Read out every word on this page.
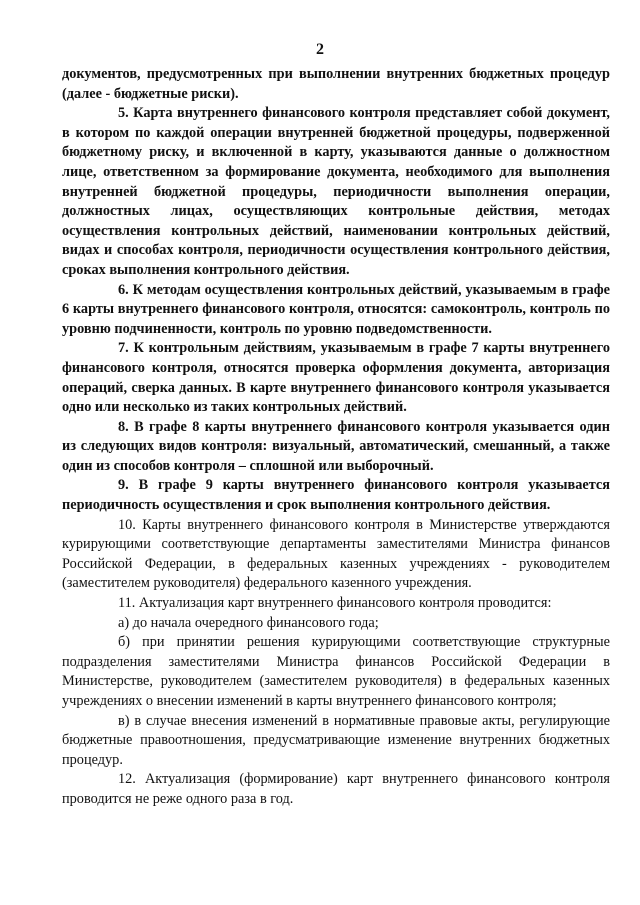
2

документов, предусмотренных при выполнении внутренних бюджетных процедур (далее - бюджетные риски).

5. Карта внутреннего финансового контроля представляет собой документ, в котором по каждой операции внутренней бюджетной процедуры, подверженной бюджетному риску, и включенной в карту, указываются данные о должностном лице, ответственном за формирование документа, необходимого для выполнения внутренней бюджетной процедуры, периодичности выполнения операции, должностных лицах, осуществляющих контрольные действия, методах осуществления контрольных действий, наименовании контрольных действий, видах и способах контроля, периодичности осуществления контрольного действия, сроках выполнения контрольного действия.

6. К методам осуществления контрольных действий, указываемым в графе 6 карты внутреннего финансового контроля, относятся: самоконтроль, контроль по уровню подчиненности, контроль по уровню подведомственности.

7. К контрольным действиям, указываемым в графе 7 карты внутреннего финансового контроля, относятся проверка оформления документа, авторизация операций, сверка данных. В карте внутреннего финансового контроля указывается одно или несколько из таких контрольных действий.

8. В графе 8 карты внутреннего финансового контроля указывается один из следующих видов контроля: визуальный, автоматический, смешанный, а также один из способов контроля – сплошной или выборочный.

9. В графе 9 карты внутреннего финансового контроля указывается периодичность осуществления и срок выполнения контрольного действия.

10. Карты внутреннего финансового контроля в Министерстве утверждаются курирующими соответствующие департаменты заместителями Министра финансов Российской Федерации, в федеральных казенных учреждениях - руководителем (заместителем руководителя) федерального казенного учреждения.

11. Актуализация карт внутреннего финансового контроля проводится:

а) до начала очередного финансового года;

б) при принятии решения курирующими соответствующие структурные подразделения заместителями Министра финансов Российской Федерации в Министерстве, руководителем (заместителем руководителя) в федеральных казенных учреждениях о внесении изменений в карты внутреннего финансового контроля;

в) в случае внесения изменений в нормативные правовые акты, регулирующие бюджетные правоотношения, предусматривающие изменение внутренних бюджетных процедур.

12. Актуализация (формирование) карт внутреннего финансового контроля проводится не реже одного раза в год.
